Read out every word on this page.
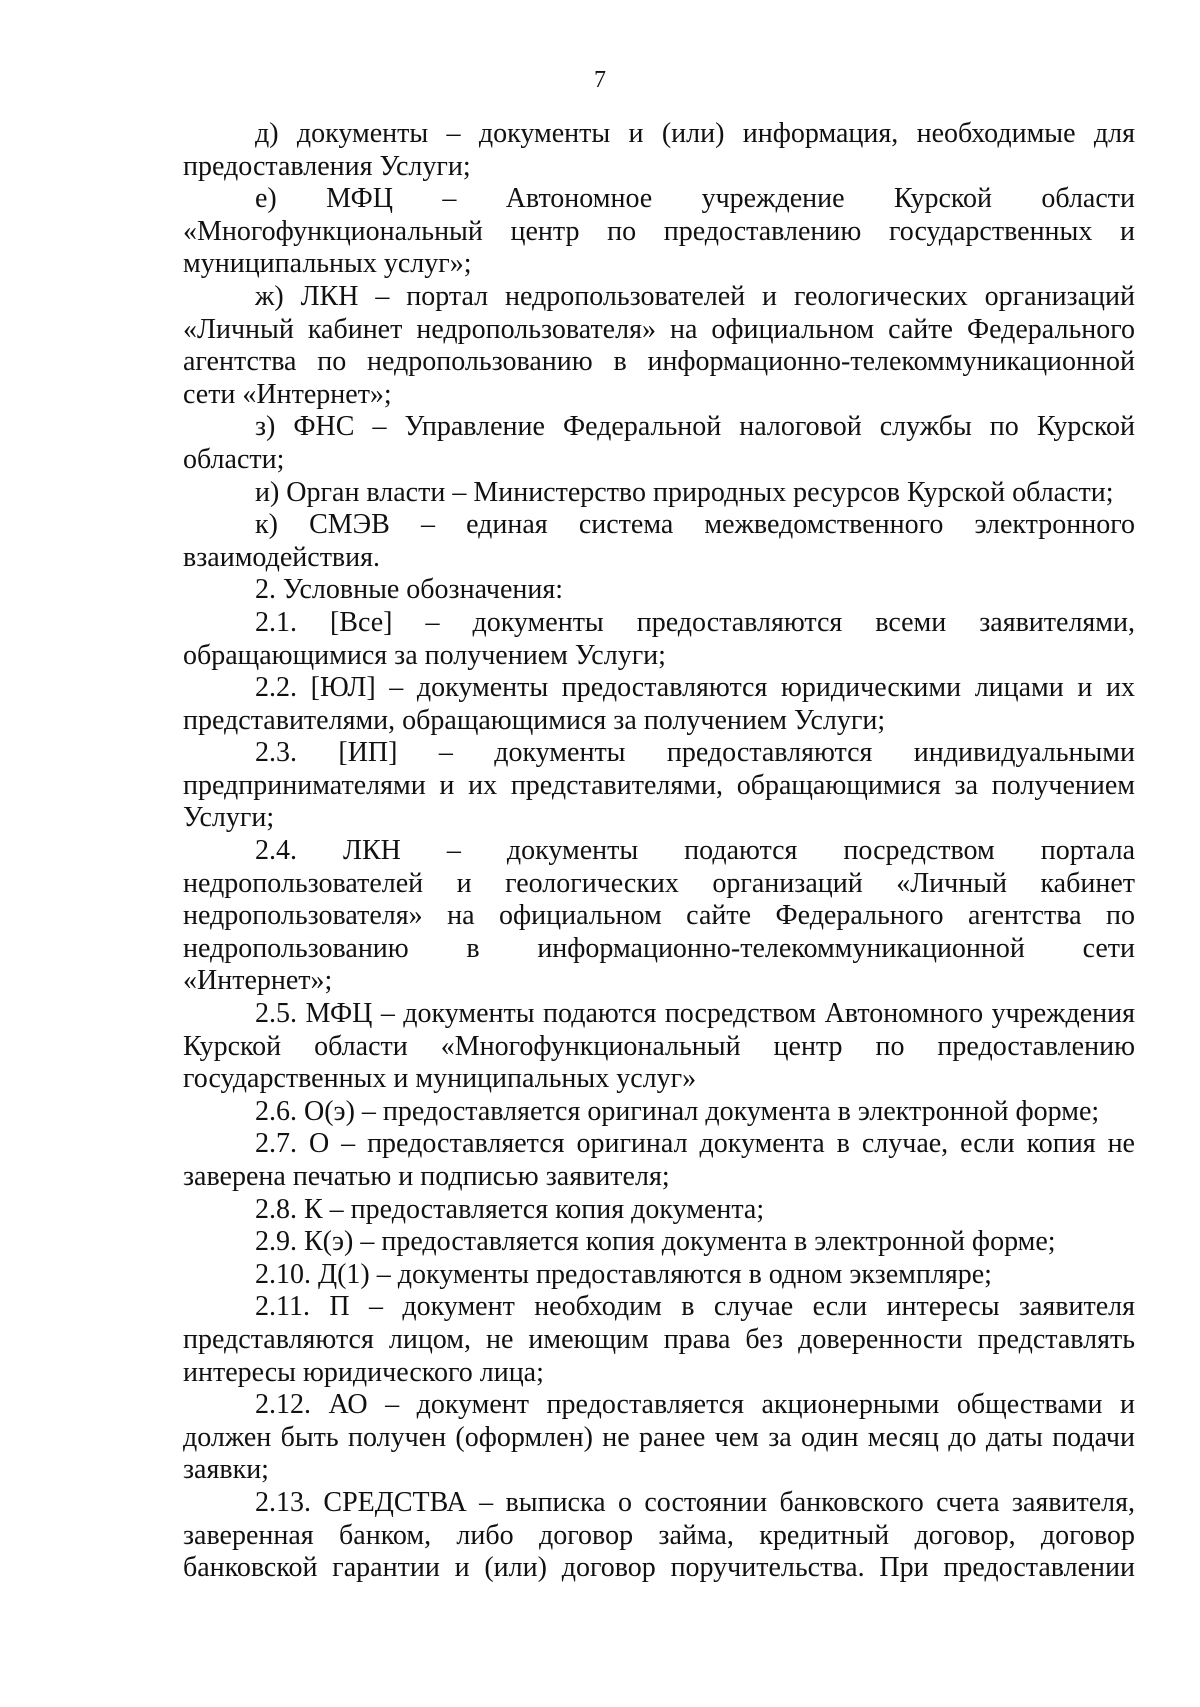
7

д) документы – документы и (или) информация, необходимые для предоставления Услуги;

е) МФЦ – Автономное учреждение Курской области «Многофункциональный центр по предоставлению государственных и муниципальных услуг»;

ж) ЛКН – портал недропользователей и геологических организаций «Личный кабинет недропользователя» на официальном сайте Федерального агентства по недропользованию в информационно-телекоммуникационной сети «Интернет»;

з) ФНС – Управление Федеральной налоговой службы по Курской области;

и) Орган власти – Министерство природных ресурсов Курской области;

к) СМЭВ – единая система межведомственного электронного взаимодействия.

2. Условные обозначения:

2.1. [Все] – документы предоставляются всеми заявителями, обращающимися за получением Услуги;

2.2. [ЮЛ] – документы предоставляются юридическими лицами и их представителями, обращающимися за получением Услуги;

2.3. [ИП] – документы предоставляются индивидуальными предпринимателями и их представителями, обращающимися за получением Услуги;

2.4. ЛКН – документы подаются посредством портала недропользователей и геологических организаций «Личный кабинет недропользователя» на официальном сайте Федерального агентства по недропользованию в информационно-телекоммуникационной сети «Интернет»;

2.5. МФЦ – документы подаются посредством Автономного учреждения Курской области «Многофункциональный центр по предоставлению государственных и муниципальных услуг»

2.6. О(э) – предоставляется оригинал документа в электронной форме;

2.7. О – предоставляется оригинал документа в случае, если копия не заверена печатью и подписью заявителя;

2.8. К – предоставляется копия документа;

2.9. К(э) – предоставляется копия документа в электронной форме;

2.10. Д(1) – документы предоставляются в одном экземпляре;

2.11. П – документ необходим в случае если интересы заявителя представляются лицом, не имеющим права без доверенности представлять интересы юридического лица;

2.12. АО – документ предоставляется акционерными обществами и должен быть получен (оформлен) не ранее чем за один месяц до даты подачи заявки;

2.13. СРЕДСТВА – выписка о состоянии банковского счета заявителя, заверенная банком, либо договор займа, кредитный договор, договор банковской гарантии и (или) договор поручительства. При предоставлении
